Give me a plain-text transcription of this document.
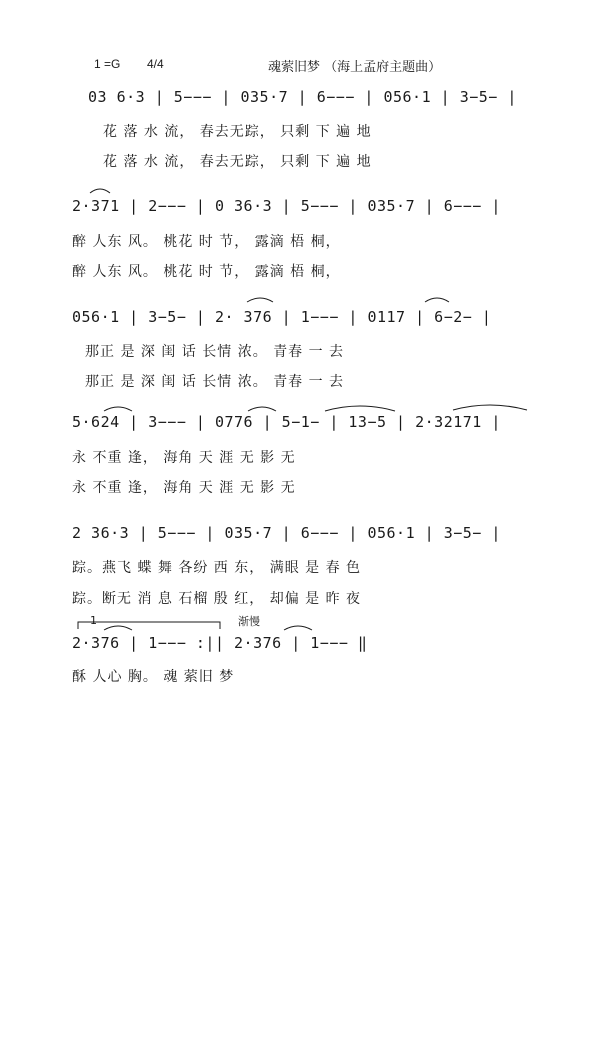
1 =G 4/4	魂萦旧梦 （海上孟府主题曲）
03 6·3 | 5−−− | 035·7 | 6−−− | 056·1 | 3−5− |
花 落 水 流， 春去无踪， 只剩 下 遍 地
花 落 水 流， 春去无踪， 只剩 下 遍 地
2·371 | 2−−− | 0 36·3 | 5−−− | 035·7 | 6−−− |
醉 人东 风。 桃花 时 节， 露滴 梧 桐，
醉 人东 风。 桃花 时 节， 露滴 梧 桐，
056·1 | 3−5− | 2· 376 | 1−−− | 0117 | 6−2− |
那正 是 深 闺 话 长情 浓。 青春 一 去
那正 是 深 闺 话 长情 浓。 青春 一 去
5·624 | 3−−− | 0776 | 5−1− | 13−5 | 2·32171 |
永 不重 逢， 海角 天 涯 无 影 无
永 不重 逢， 海角 天 涯 无 影 无
2 36·3 | 5−−− | 035·7 | 6−−− | 056·1 | 3−5− |
踪。燕飞 蝶 舞 各纷 西 东， 满眼 是 春 色
踪。断无 消 息 石榴 殷 红， 却偏 是 昨 夜
1	渐慢
2·376 | 1−−− :|| 2·376 | 1−−− ‖
酥 人心 胸。 魂 萦旧 梦
